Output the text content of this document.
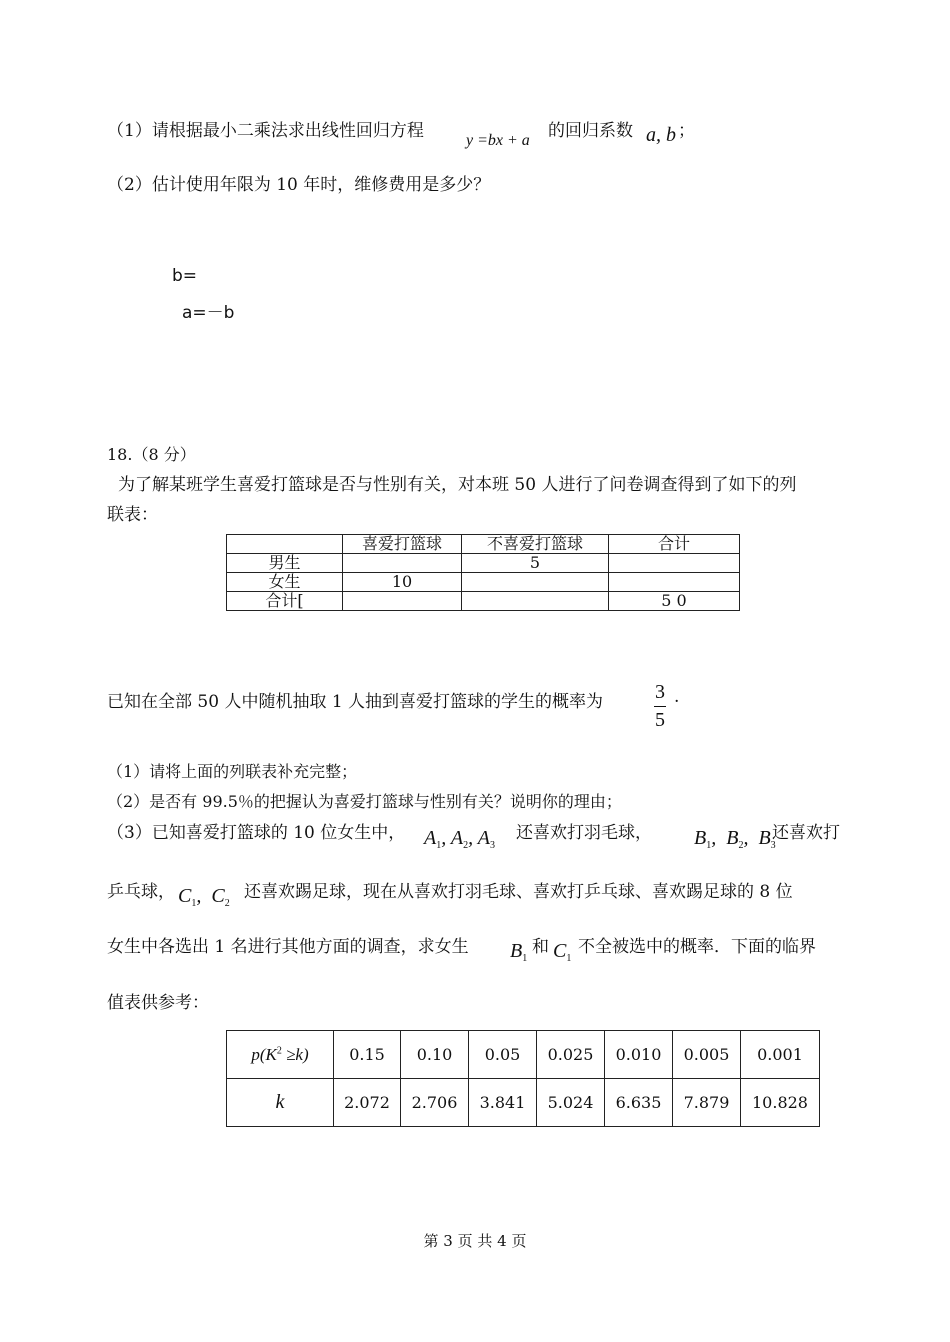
（1）请根据最小二乘法求出线性回归方程	y =bx + a 的回归系数 a, b ；
（2）估计使用年限为 10 年时，维修费用是多少？
b=
a=－b
18.（8 分）
为了解某班学生喜爱打篮球是否与性别有关，对本班 50 人进行了问卷调查得到了如下的列
联表：
	喜爱打篮球	不喜爱打篮球	合计
男生		5	
女生	10		
合计[			5 0
已知在全部 50 人中随机抽取 1 人抽到喜爱打篮球的学生的概率为	3
5
.
（1）请将上面的列联表补充完整；
（2）是否有 99.5％的把握认为喜爱打篮球与性别有关？说明你的理由；
（3）已知喜爱打篮球的 10 位女生中， $A_1$, $A_2$, $A_3$
还喜欢打羽毛球， $B_1$,  $B_2$,  $B_3$
还喜欢打
乒乓球， $C_1$,  $C_2$
还喜欢踢足球，现在从喜欢打羽毛球、喜欢打乒乓球、喜欢踢足球的 8 位
女生中各选出 1 名进行其他方面的调查，求女生 $B_1$
和 $C_1$
不全被选中的概率．下面的临界
值表供参考：
$p(K^2 \ge k)$	0.15	0.10	0.05	0.025	0.010	0.005	0.001
k	2.072	2.706	3.841	5.024	6.635	7.879	10.828
第 3 页 共 4 页
